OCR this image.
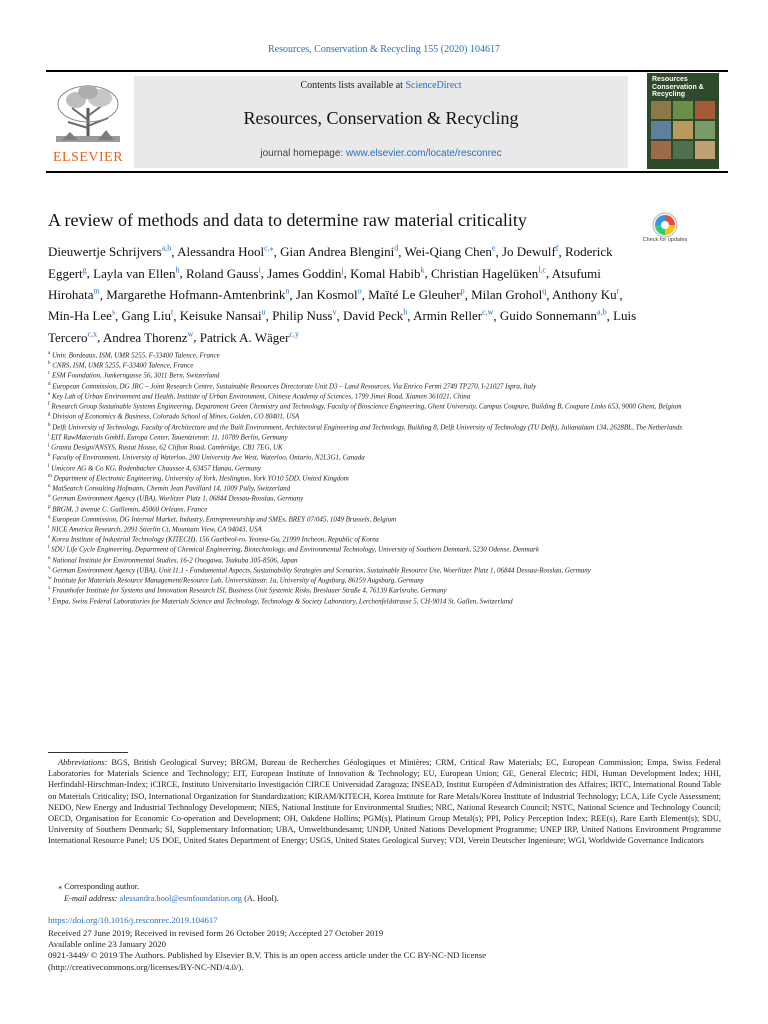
Resources, Conservation & Recycling 155 (2020) 104617
ELSEVIER
Contents lists available at ScienceDirect
Resources, Conservation & Recycling
journal homepage: www.elsevier.com/locate/resconrec
Resources Conservation & Recycling
A review of methods and data to determine raw material criticality
Check for updates
Dieuwertje Schrijvers$^{a,b}$, Alessandra Hool$^{c,⁎}$, Gian Andrea Blengini$^d$, Wei-Qiang Chen$^e$, Jo Dewulf$^f$, Roderick Eggert$^g$, Layla van Ellen$^h$, Roland Gauss$^i$, James Goddin$^j$, Komal Habib$^k$, Christian Hagelüken$^{l,c}$, Atsufumi Hirohata$^m$, Margarethe Hofmann-Amtenbrink$^n$, Jan Kosmol$^o$, Maïté Le Gleuher$^p$, Milan Grohol$^q$, Anthony Ku$^r$, Min-Ha Lee$^s$, Gang Liu$^t$, Keisuke Nansai$^u$, Philip Nuss$^v$, David Peck$^h$, Armin Reller$^{c,w}$, Guido Sonnemann$^{a,b}$, Luis Tercero$^{c,x}$, Andrea Thorenz$^w$, Patrick A. Wäger$^{c,y}$
$^a$ Univ. Bordeaux, ISM, UMR 5255, F-33400 Talence, France
$^b$ CNRS, ISM, UMR 5255, F-33400 Talence, France
$^c$ ESM Foundation, Junkerngasse 56, 3011 Bern, Switzerland
$^d$ European Commission, DG JRC – Joint Research Centre, Sustainable Resources Directorate Unit D3 – Land Resources, Via Enrico Fermi 2749 TP270, I-21027 Ispra, Italy
$^e$ Key Lab of Urban Environment and Health, Institute of Urban Environment, Chinese Academy of Sciences, 1799 Jimei Road, Xiamen 361021, China
$^f$ Research Group Sustainable Systems Engineering, Department Green Chemistry and Technology, Faculty of Bioscience Engineering, Ghent University, Campus Coupure, Building B, Coupure Links 653, 9000 Ghent, Belgium
$^g$ Division of Economics & Business, Colorado School of Mines, Golden, CO 80401, USA
$^h$ Delft University of Technology, Faculty of Architecture and the Built Environment, Architectural Engineering and Technology, Building 8, Delft University of Technology (TU Delft), Julianalaan 134, 2628BL, The Netherlands
$^i$ EIT RawMaterials GmbH, Europa Center, Tauentzienstr. 11, 10789 Berlin, Germany
$^j$ Granta Design/ANSYS, Rustat House, 62 Clifton Road, Cambridge, CB1 7EG, UK
$^k$ Faculty of Environment, University of Waterloo, 200 University Ave West, Waterloo, Ontario, N2L3G1, Canada
$^l$ Umicore AG & Co KG, Rodenbacher Chaussee 4, 63457 Hanau, Germany
$^m$ Department of Electronic Engineering, University of York, Heslington, York YO10 5DD, United Kingdom
$^n$ MatSearch Consulting Hofmann, Chemin Jean Pavillard 14, 1009 Pully, Switzerland
$^o$ German Environment Agency (UBA), Worlitzer Platz 1, 06844 Dessau-Rosslau, Germany
$^p$ BRGM, 3 avenue C. Guillemin, 45060 Orléans, France
$^q$ European Commission, DG Internal Market, Industry, Entrepreneurship and SMEs, BREY 07/045, 1049 Brussels, Belgium
$^r$ NICE America Research, 2091 Stierlin Ct, Mountain View, CA 94043, USA
$^s$ Korea Institute of Industrial Technology (KITECH), 156 Gaetbeol-ro, Yeonsu-Gu, 21999 Incheon, Republic of Korea
$^t$ SDU Life Cycle Engineering, Department of Chemical Engineering, Biotechnology, and Environmental Technology, University of Southern Denmark, 5230 Odense, Denmark
$^u$ National Institute for Environmental Studies, 16-2 Onogawa, Tsukuba 305-8506, Japan
$^v$ German Environment Agency (UBA), Unit I1.1 - Fundamental Aspects, Sustainability Strategies and Scenarios, Sustainable Resource Use, Woerlitzer Platz 1, 06844 Dessau-Rosslau, Germany
$^w$ Institute for Materials Resource Management/Resource Lab, Universitätsstr. 1a, University of Augsburg, 86159 Augsburg, Germany
$^x$ Fraunhofer Institute for Systems and Innovation Research ISI, Business Unit Systemic Risks, Breslauer Straße 4, 76139 Karlsruhe, Germany
$^y$ Empa, Swiss Federal Laboratories for Materials Science and Technology, Technology & Society Laboratory, Lerchenfeldstrasse 5, CH-9014 St. Gallen, Switzerland
Abbreviations: BGS, British Geological Survey; BRGM, Bureau de Recherches Géologiques et Minières; CRM, Critical Raw Materials; EC, European Commission; Empa, Swiss Federal Laboratories for Materials Science and Technology; EIT, European Institute of Innovation & Technology; EU, European Union; GE, General Electric; HDI, Human Development Index; HHI, Herfindahl-Hirschman-Index; iCIRCE, Instituto Universitario Investigación CIRCE Universidad Zaragoza; INSEAD, Institut Européen d'Administration des Affaires; IRTC, International Round Table on Materials Criticality; ISO, International Organization for Standardization; KIRAM/KITECH, Korea Institute for Rare Metals/Korea Institute of Industrial Technology; LCA, Life Cycle Assessment; NEDO, New Energy and Industrial Technology Development; NIES, National Institute for Environmental Studies; NRC, National Research Council; NSTC, National Science and Technology Council; OECD, Organisation for Economic Co-operation and Development; OH, Oakdene Hollins; PGM(s), Platinum Group Metal(s); PPI, Policy Perception Index; REE(s), Rare Earth Element(s); SDU, University of Southern Denmark; SI, Supplementary Information; UBA, Umweltbundesamt; UNDP, United Nations Development Programme; UNEP IRP, United Nations Environment Programme International Resource Panel; US DOE, United States Department of Energy; USGS, United States Geological Survey; VDI, Verein Deutscher Ingenieure; WGI, Worldwide Governance Indicators
⁎ Corresponding author.
E-mail address: alessandra.hool@esmfoundation.org (A. Hool).
https://doi.org/10.1016/j.resconrec.2019.104617
Received 27 June 2019; Received in revised form 26 October 2019; Accepted 27 October 2019
Available online 23 January 2020
0921-3449/ © 2019 The Authors. Published by Elsevier B.V. This is an open access article under the CC BY-NC-ND license
(http://creativecommons.org/licenses/BY-NC-ND/4.0/).
